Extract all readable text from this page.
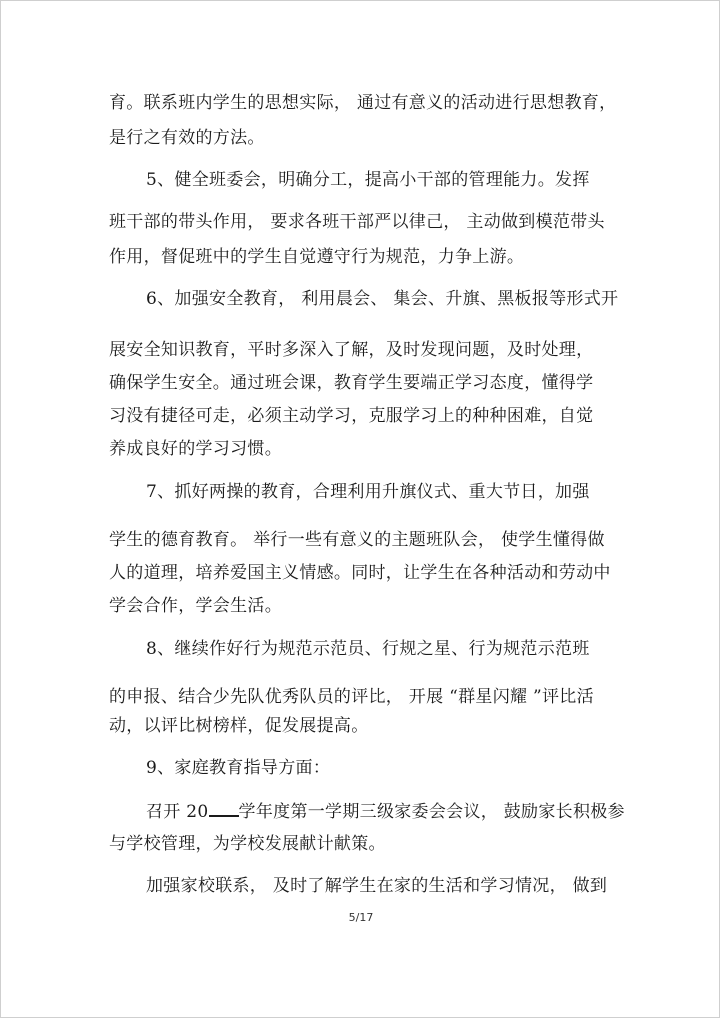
育。联系班内学生的思想实际， 通过有意义的活动进行思想教育，
是行之有效的方法。
5、健全班委会，明确分工，提高小干部的管理能力。发挥
班干部的带头作用， 要求各班干部严以律己， 主动做到模范带头
作用，督促班中的学生自觉遵守行为规范，力争上游。
6、加强安全教育， 利用晨会、 集会、升旗、黑板报等形式开
展安全知识教育，平时多深入了解，及时发现问题，及时处理，
确保学生安全。通过班会课，教育学生要端正学习态度，懂得学
习没有捷径可走，必须主动学习，克服学习上的种种困难，自觉
养成良好的学习习惯。
7、抓好两操的教育，合理利用升旗仪式、重大节日，加强
学生的德育教育。 举行一些有意义的主题班队会， 使学生懂得做
人的道理，培养爱国主义情感。同时，让学生在各种活动和劳动中
学会合作，学会生活。
8、继续作好行为规范示范员、行规之星、行为规范示范班
的申报、结合少先队优秀队员的评比， 开展 “群星闪耀 ”评比活
动，以评比树榜样，促发展提高。
9、家庭教育指导方面：
召开 20 学年度第一学期三级家委会会议， 鼓励家长积极参
与学校管理，为学校发展献计献策。
加强家校联系， 及时了解学生在家的生活和学习情况， 做到
5/17
